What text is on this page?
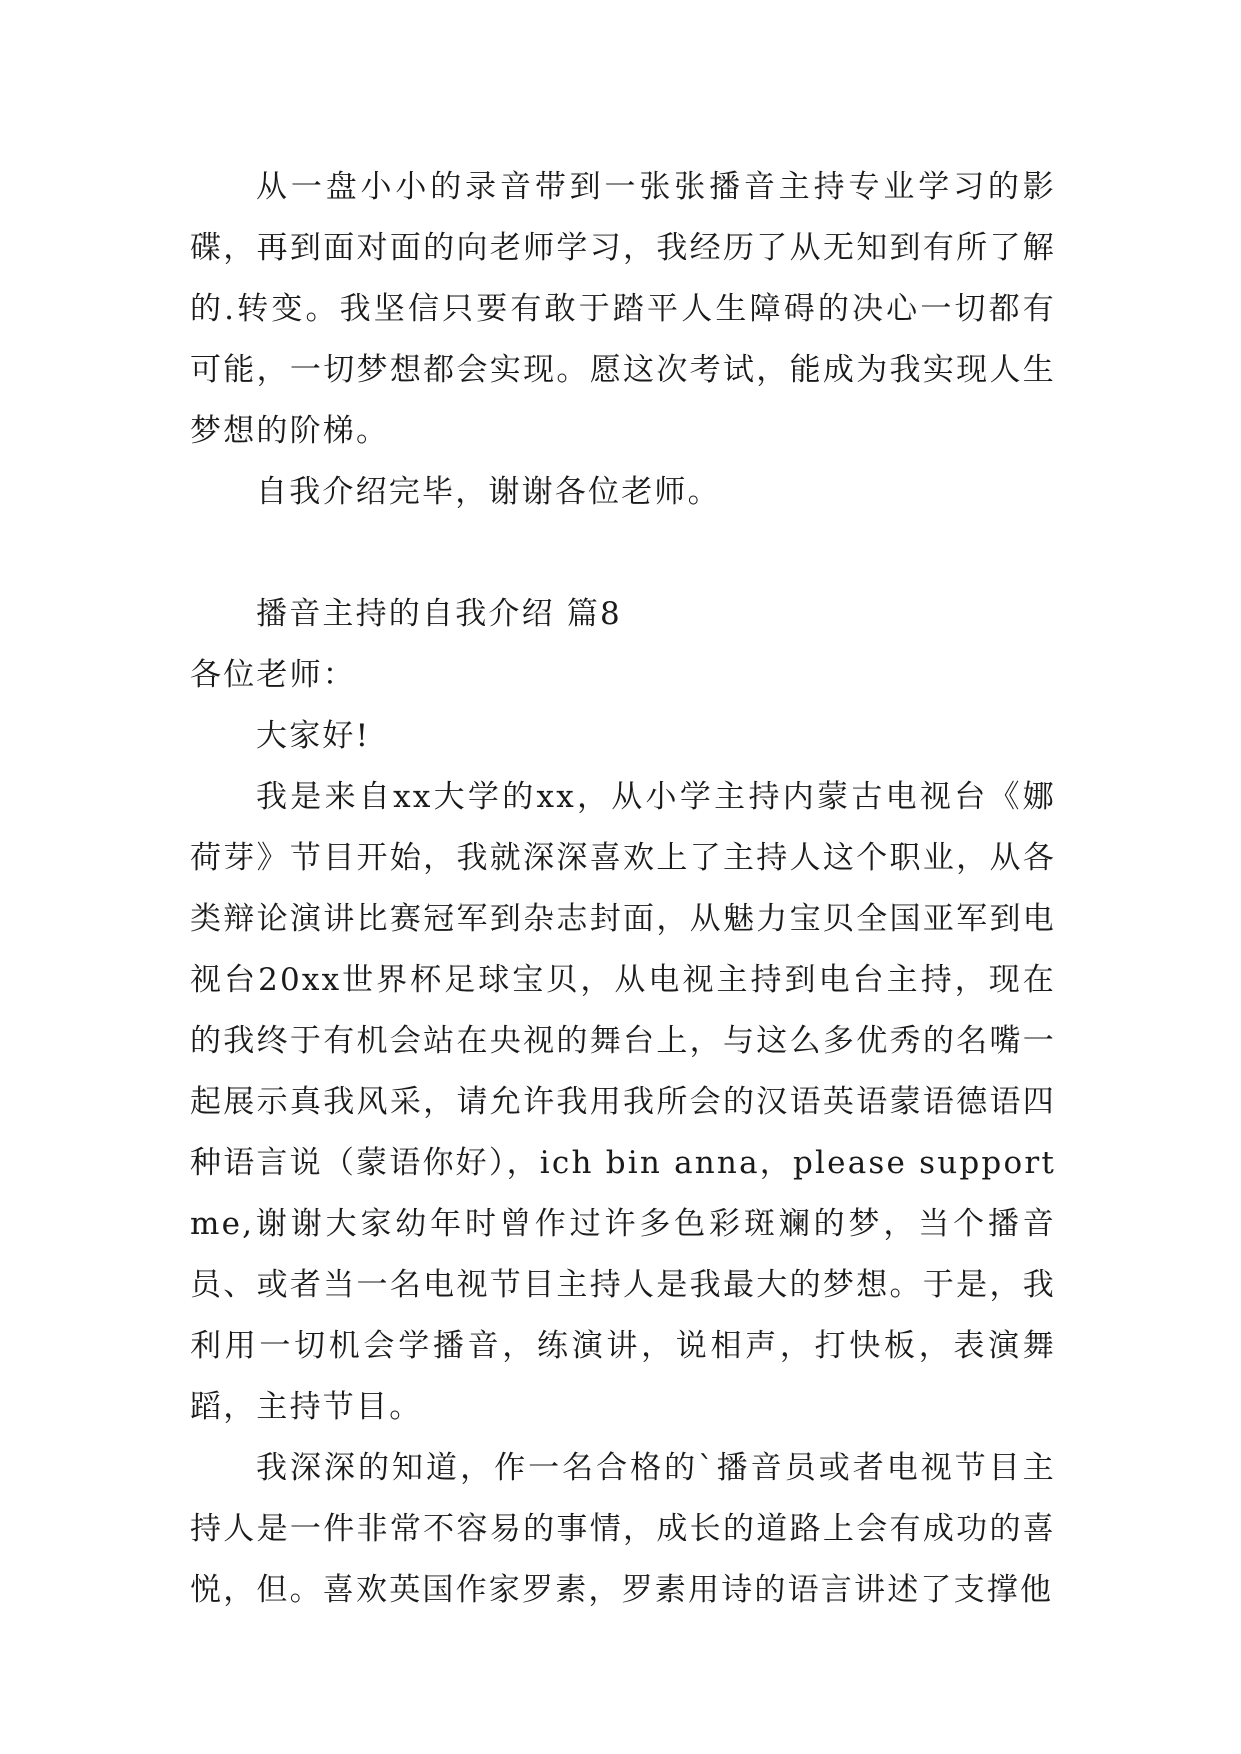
从一盘小小的录音带到一张张播音主持专业学习的影碟，再到面对面的向老师学习，我经历了从无知到有所了解的.转变。我坚信只要有敢于踏平人生障碍的决心一切都有可能，一切梦想都会实现。愿这次考试，能成为我实现人生梦想的阶梯。

自我介绍完毕，谢谢各位老师。

播音主持的自我介绍 篇8

各位老师：

大家好!

我是来自xx大学的xx，从小学主持内蒙古电视台《娜荷芽》节目开始，我就深深喜欢上了主持人这个职业，从各类辩论演讲比赛冠军到杂志封面，从魅力宝贝全国亚军到电视台20xx世界杯足球宝贝，从电视主持到电台主持，现在的我终于有机会站在央视的舞台上，与这么多优秀的名嘴一起展示真我风采，请允许我用我所会的汉语英语蒙语德语四种语言说（蒙语你好），ich bin anna，please support me,谢谢大家幼年时曾作过许多色彩斑斓的梦，当个播音员、或者当一名电视节目主持人是我最大的梦想。于是，我利用一切机会学播音，练演讲，说相声，打快板，表演舞蹈，主持节目。

我深深的知道，作一名合格的`播音员或者电视节目主持人是一件非常不容易的事情，成长的道路上会有成功的喜悦，但。喜欢英国作家罗素，罗素用诗的语言讲述了支撑他
